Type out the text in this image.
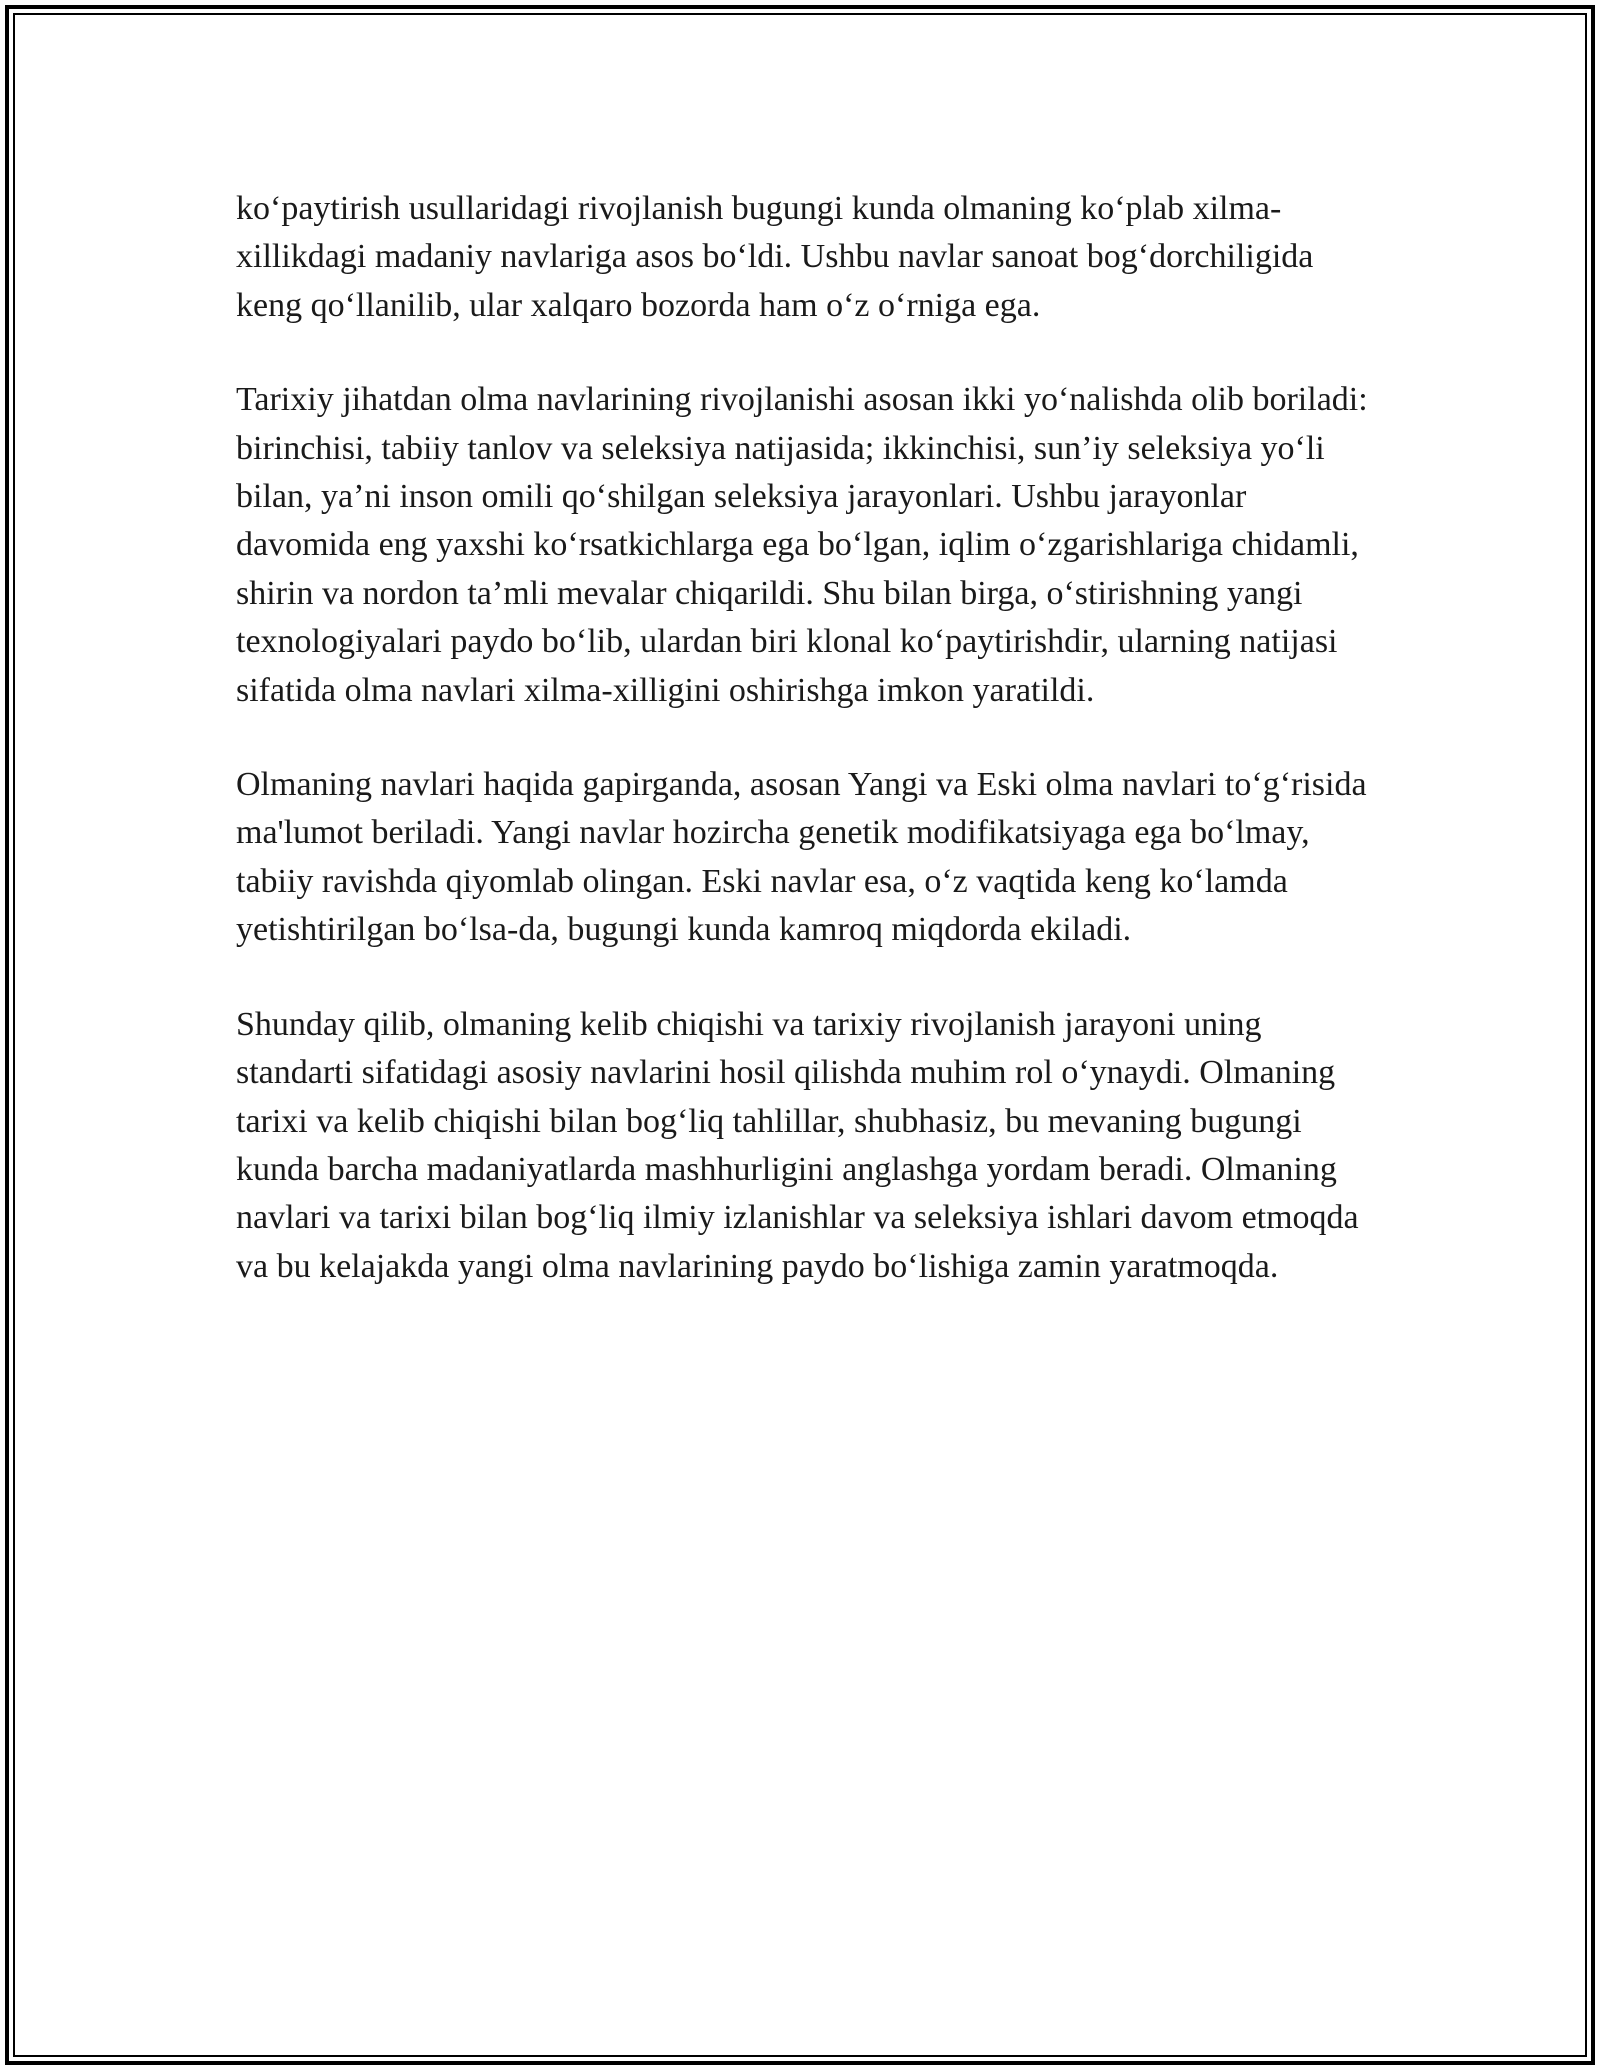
ko‘paytirish usullaridagi rivojlanish bugungi kunda olmaning ko‘plab xilma-xillikdagi madaniy navlariga asos bo‘ldi. Ushbu navlar sanoat bog‘dorchiligida keng qo‘llanilib, ular xalqaro bozorda ham o‘z o‘rniga ega.

Tarixiy jihatdan olma navlarining rivojlanishi asosan ikki yo‘nalishda olib boriladi: birinchisi, tabiiy tanlov va seleksiya natijasida; ikkinchisi, sun’iy seleksiya yo‘li bilan, ya’ni inson omili qo‘shilgan seleksiya jarayonlari. Ushbu jarayonlar davomida eng yaxshi ko‘rsatkichlarga ega bo‘lgan, iqlim o‘zgarishlariga chidamli, shirin va nordon ta’mli mevalar chiqarildi. Shu bilan birga, o‘stirishning yangi texnologiyalari paydo bo‘lib, ulardan biri klonal ko‘paytirishdir, ularning natijasi sifatida olma navlari xilma-xilligini oshirishga imkon yaratildi.

Olmaning navlari haqida gapirganda, asosan Yangi va Eski olma navlari to‘g‘risida ma'lumot beriladi. Yangi navlar hozircha genetik modifikatsiyaga ega bo‘lmay, tabiiy ravishda qiyomlab olingan. Eski navlar esa, o‘z vaqtida keng ko‘lamda yetishtirilgan bo‘lsa-da, bugungi kunda kamroq miqdorda ekiladi.

Shunday qilib, olmaning kelib chiqishi va tarixiy rivojlanish jarayoni uning standarti sifatidagi asosiy navlarini hosil qilishda muhim rol o‘ynaydi. Olmaning tarixi va kelib chiqishi bilan bog‘liq tahlillar, shubhasiz, bu mevaning bugungi kunda barcha madaniyatlarda mashhurligini anglashga yordam beradi. Olmaning navlari va tarixi bilan bog‘liq ilmiy izlanishlar va seleksiya ishlari davom etmoqda va bu kelajakda yangi olma navlarining paydo bo‘lishiga zamin yaratmoqda.
